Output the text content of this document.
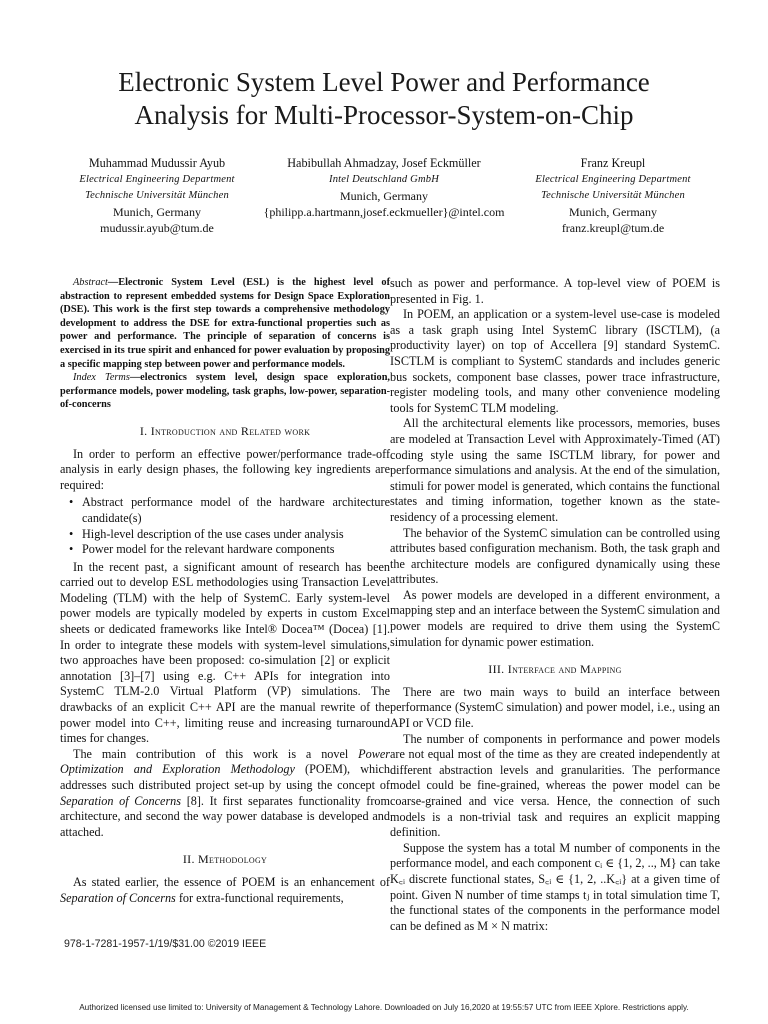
Electronic System Level Power and Performance
Analysis for Multi-Processor-System-on-Chip
Muhammad Mudussir Ayub
Electrical Engineering Department
Technische Universität München
Munich, Germany
mudussir.ayub@tum.de
Habibullah Ahmadzay, Josef Eckmüller
Intel Deutschland GmbH
Munich, Germany
{philipp.a.hartmann,josef.eckmueller}@intel.com
Franz Kreupl
Electrical Engineering Department
Technische Universität München
Munich, Germany
franz.kreupl@tum.de

Abstract—Electronic System Level (ESL) is the highest level of abstraction to represent embedded systems for Design Space Exploration (DSE). This work is the first step towards a comprehensive methodology development to address the DSE for extra-functional properties such as power and performance. The principle of separation of concerns is exercised in its true spirit and enhanced for power evaluation by proposing a specific mapping step between power and performance models.

Index Terms—electronics system level, design space exploration, performance models, power modeling, task graphs, low-power, separation-of-concerns

I. Introduction and Related work

In order to perform an effective power/performance trade-off analysis in early design phases, the following key ingredients are required:

• Abstract performance model of the hardware architecture candidate(s)
• High-level description of the use cases under analysis
• Power model for the relevant hardware components

In the recent past, a significant amount of research has been carried out to develop ESL methodologies using Transaction Level Modeling (TLM) with the help of SystemC. Early system-level power models are typically modeled by experts in custom Excel sheets or dedicated frameworks like Intel® Docea™ (Docea) [1]. In order to integrate these models with system-level simulations, two approaches have been proposed: co-simulation [2] or explicit annotation [3]–[7] using e.g. C++ APIs for integration into SystemC TLM-2.0 Virtual Platform (VP) simulations. The drawbacks of an explicit C++ API are the manual rewrite of the power model into C++, limiting reuse and increasing turnaround times for changes.

The main contribution of this work is a novel Power Optimization and Exploration Methodology (POEM), which addresses such distributed project set-up by using the concept of Separation of Concerns [8]. It first separates functionality from architecture, and second the way power database is developed and attached.

II. Methodology

As stated earlier, the essence of POEM is an enhancement of Separation of Concerns for extra-functional requirements,

such as power and performance. A top-level view of POEM is presented in Fig. 1.

In POEM, an application or a system-level use-case is modeled as a task graph using Intel SystemC library (ISCTLM), (a productivity layer) on top of Accellera [9] standard SystemC. ISCTLM is compliant to SystemC standards and includes generic bus sockets, component base classes, power trace infrastructure, register modeling tools, and many other convenience modeling tools for SystemC TLM modeling.

All the architectural elements like processors, memories, buses are modeled at Transaction Level with Approximately-Timed (AT) coding style using the same ISCTLM library, for power and performance simulations and analysis. At the end of the simulation, stimuli for power model is generated, which contains the functional states and timing information, together known as the state-residency of a processing element.

The behavior of the SystemC simulation can be controlled using attributes based configuration mechanism. Both, the task graph and the architecture models are configured dynamically using these attributes.

As power models are developed in a different environment, a mapping step and an interface between the SystemC simulation and power models are required to drive them using the SystemC simulation for dynamic power estimation.

III. Interface and Mapping

There are two main ways to build an interface between performance (SystemC simulation) and power model, i.e., using an API or VCD file.

The number of components in performance and power models are not equal most of the time as they are created independently at different abstraction levels and granularities. The performance model could be fine-grained, whereas the power model can be coarse-grained and vice versa. Hence, the connection of such models is a non-trivial task and requires an explicit mapping definition.

Suppose the system has a total M number of components in the performance model, and each component cᵢ ∈ {1, 2, .., M} can take K꜀ᵢ discrete functional states, S꜀ᵢ ∈ {1, 2, ..K꜀ᵢ} at a given time of point. Given N number of time stamps tⱼ in total simulation time T, the functional states of the components in the performance model can be defined as M × N matrix:

978-1-7281-1957-1/19/$31.00 ©2019 IEEE
Authorized licensed use limited to: University of Management & Technology Lahore. Downloaded on July 16,2020 at 19:55:57 UTC from IEEE Xplore. Restrictions apply.
